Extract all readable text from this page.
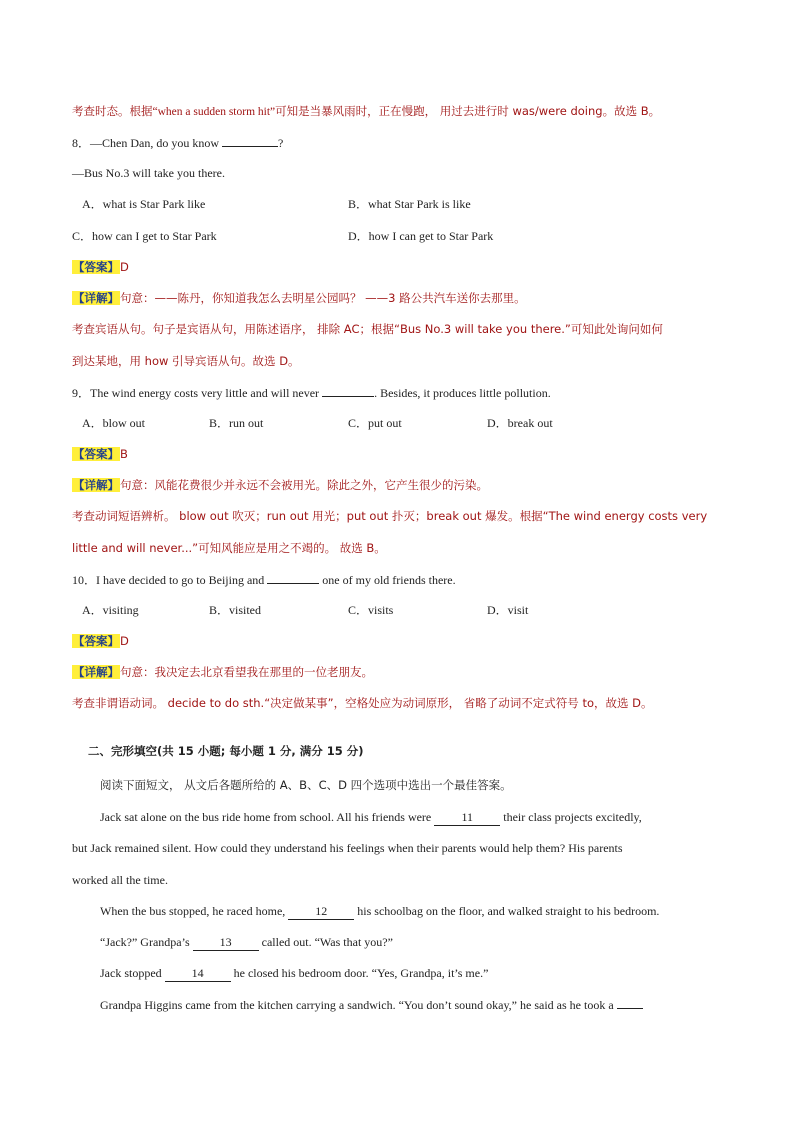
考查时态。根据“when a sudden storm hit”可知是当暴风雨时，正在慢跑， 用过去进行时 was/were doing。故选 B。
8．—Chen Dan, do you know	?
—Bus No.3 will take you there.
A．what is Star Park like	B．what Star Park is like
C．how can I get to Star Park	D．how I can get to Star Park
【答案】D
【详解】句意：——陈丹，你知道我怎么去明星公园吗？ ——3 路公共汽车送你去那里。
考查宾语从句。句子是宾语从句，用陈述语序， 排除 AC；根据“Bus No.3 will take you there.”可知此处询问如何
到达某地，用 how 引导宾语从句。故选 D。
9．The wind energy costs very little and will never	. Besides, it produces little pollution.
A．blow out	B．run out	C．put out	D．break out
【答案】B
【详解】句意：风能花费很少并永远不会被用光。除此之外，它产生很少的污染。
考查动词短语辨析。 blow out 吹灭；run out 用光；put out 扑灭；break out 爆发。根据“The wind energy costs very
little and will never...”可知风能应是用之不竭的。 故选 B。
10．I have decided to go to Beijing and	one of my old friends there.
A．visiting	B．visited	C．visits	D．visit
【答案】D
【详解】句意：我决定去北京看望我在那里的一位老朋友。
考查非谓语动词。 decide to do sth.“决定做某事”，空格处应为动词原形， 省略了动词不定式符号 to，故选 D。
二、完形填空(共 15 小题; 每小题 1 分, 满分 15 分)
阅读下面短文， 从文后各题所给的 A、B、C、D 四个选项中选出一个最佳答案。
Jack sat alone on the bus ride home from school. All his friends were 11 their class projects excitedly,
but Jack remained silent. How could they understand his feelings when their parents would help them? His parents
worked all the time.
When the bus stopped, he raced home, 12 his schoolbag on the floor, and walked straight to his bedroom.
“Jack?” Grandpa’s 13 called out. “Was that you?”
Jack stopped 14 he closed his bedroom door. “Yes, Grandpa, it’s me.”
Grandpa Higgins came from the kitchen carrying a sandwich. “You don’t sound okay,” he said as he took a
